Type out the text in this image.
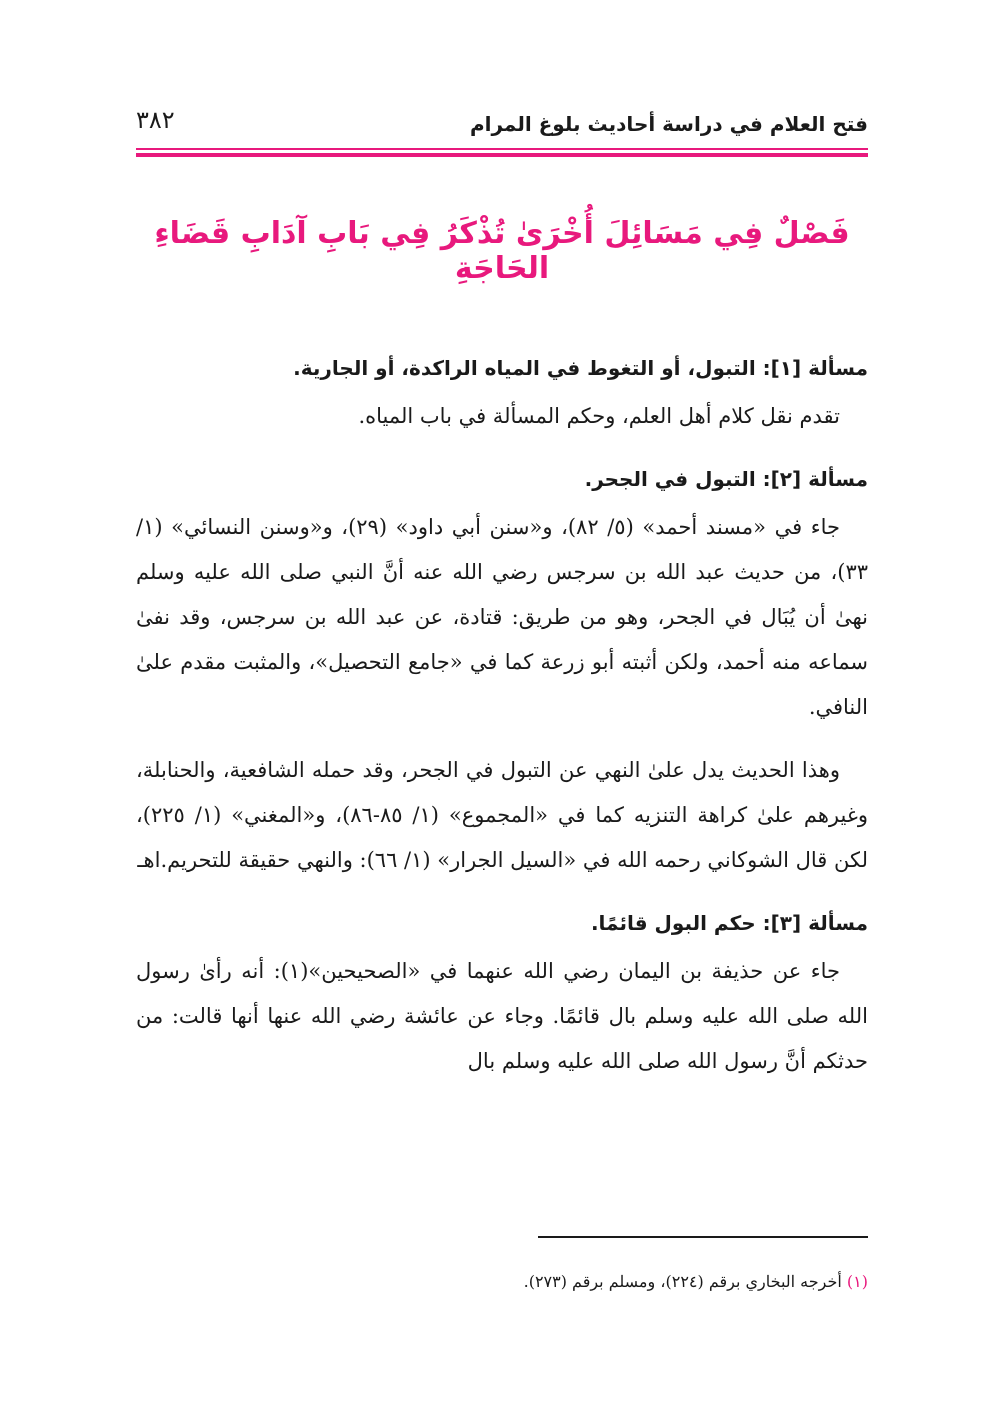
فتح العلام في دراسة أحاديث بلوغ المرام
٣٨٢
فَصْلٌ فِي مَسَائِلَ أُخْرَىٰ تُذْكَرُ فِي بَابِ آدَابِ قَضَاءِ الحَاجَةِ

مسألة [١]: التبول، أو التغوط في المياه الراكدة، أو الجارية.

تقدم نقل كلام أهل العلم، وحكم المسألة في باب المياه.

مسألة [٢]: التبول في الجحر.

جاء في «مسند أحمد» (٥/ ٨٢)، و«سنن أبي داود» (٢٩)، و«وسنن النسائي» (١/ ٣٣)، من حديث عبد الله بن سرجس رضي الله عنه أنَّ النبي صلى الله عليه وسلم نهىٰ أن يُبَال في الجحر، وهو من طريق: قتادة، عن عبد الله بن سرجس، وقد نفىٰ سماعه منه أحمد، ولكن أثبته أبو زرعة كما في «جامع التحصيل»، والمثبت مقدم علىٰ النافي.

وهذا الحديث يدل علىٰ النهي عن التبول في الجحر، وقد حمله الشافعية، والحنابلة، وغيرهم علىٰ كراهة التنزيه كما في «المجموع» (١/ ٨٥-٨٦)، و«المغني» (١/ ٢٢٥)، لكن قال الشوكاني رحمه الله في «السيل الجرار» (١/ ٦٦): والنهي حقيقة للتحريم.اهـ

مسألة [٣]: حكم البول قائمًا.

جاء عن حذيفة بن اليمان رضي الله عنهما في «الصحيحين»(١): أنه رأىٰ رسول الله صلى الله عليه وسلم بال قائمًا. وجاء عن عائشة رضي الله عنها أنها قالت: من حدثكم أنَّ رسول الله صلى الله عليه وسلم بال

(١) أخرجه البخاري برقم (٢٢٤)، ومسلم برقم (٢٧٣).
